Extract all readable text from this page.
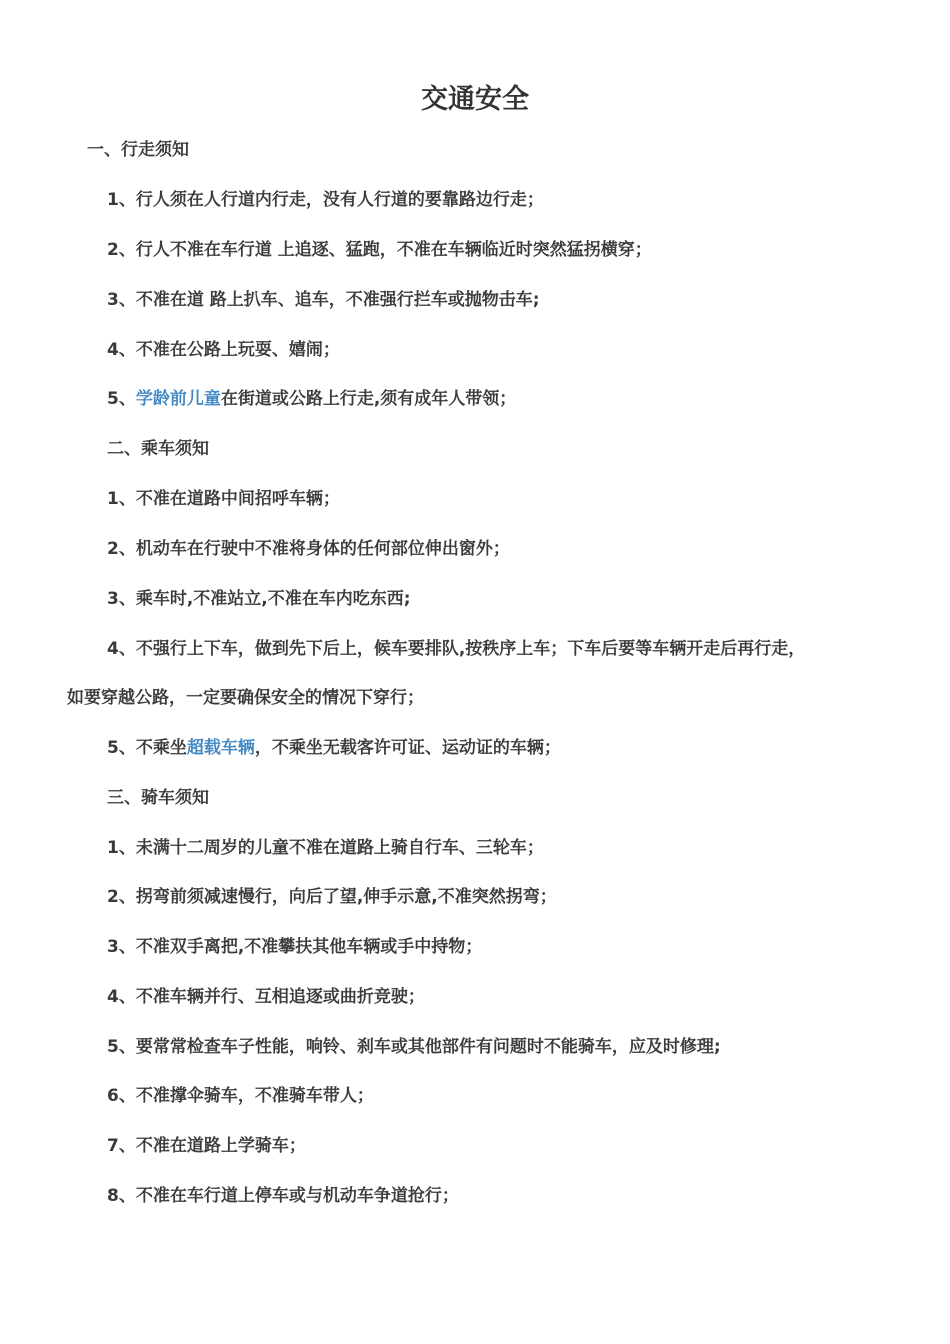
交通安全
一、行走须知
1、行人须在人行道内行走，没有人行道的要靠路边行走；
2、行人不准在车行道 上追逐、猛跑，不准在车辆临近时突然猛拐横穿；
3、不准在道 路上扒车、追车，不准强行拦车或抛物击车;
4、不准在公路上玩耍、嬉闹；
5、学龄前儿童在街道或公路上行走,须有成年人带领；
二、乘车须知
1、不准在道路中间招呼车辆；
2、机动车在行驶中不准将身体的任何部位伸出窗外；
3、乘车时,不准站立,不准在车内吃东西;
4、不强行上下车，做到先下后上，候车要排队,按秩序上车；下车后要等车辆开走后再行走，
如要穿越公路，一定要确保安全的情况下穿行；
5、不乘坐超载车辆，不乘坐无载客许可证、运动证的车辆；
三、骑车须知
1、未满十二周岁的儿童不准在道路上骑自行车、三轮车；
2、拐弯前须减速慢行，向后了望,伸手示意,不准突然拐弯；
3、不准双手离把,不准攀扶其他车辆或手中持物；
4、不准车辆并行、互相追逐或曲折竞驶；
5、要常常检查车子性能，响铃、刹车或其他部件有问题时不能骑车，应及时修理;
6、不准撑伞骑车，不准骑车带人；
7、不准在道路上学骑车；
8、不准在车行道上停车或与机动车争道抢行；
